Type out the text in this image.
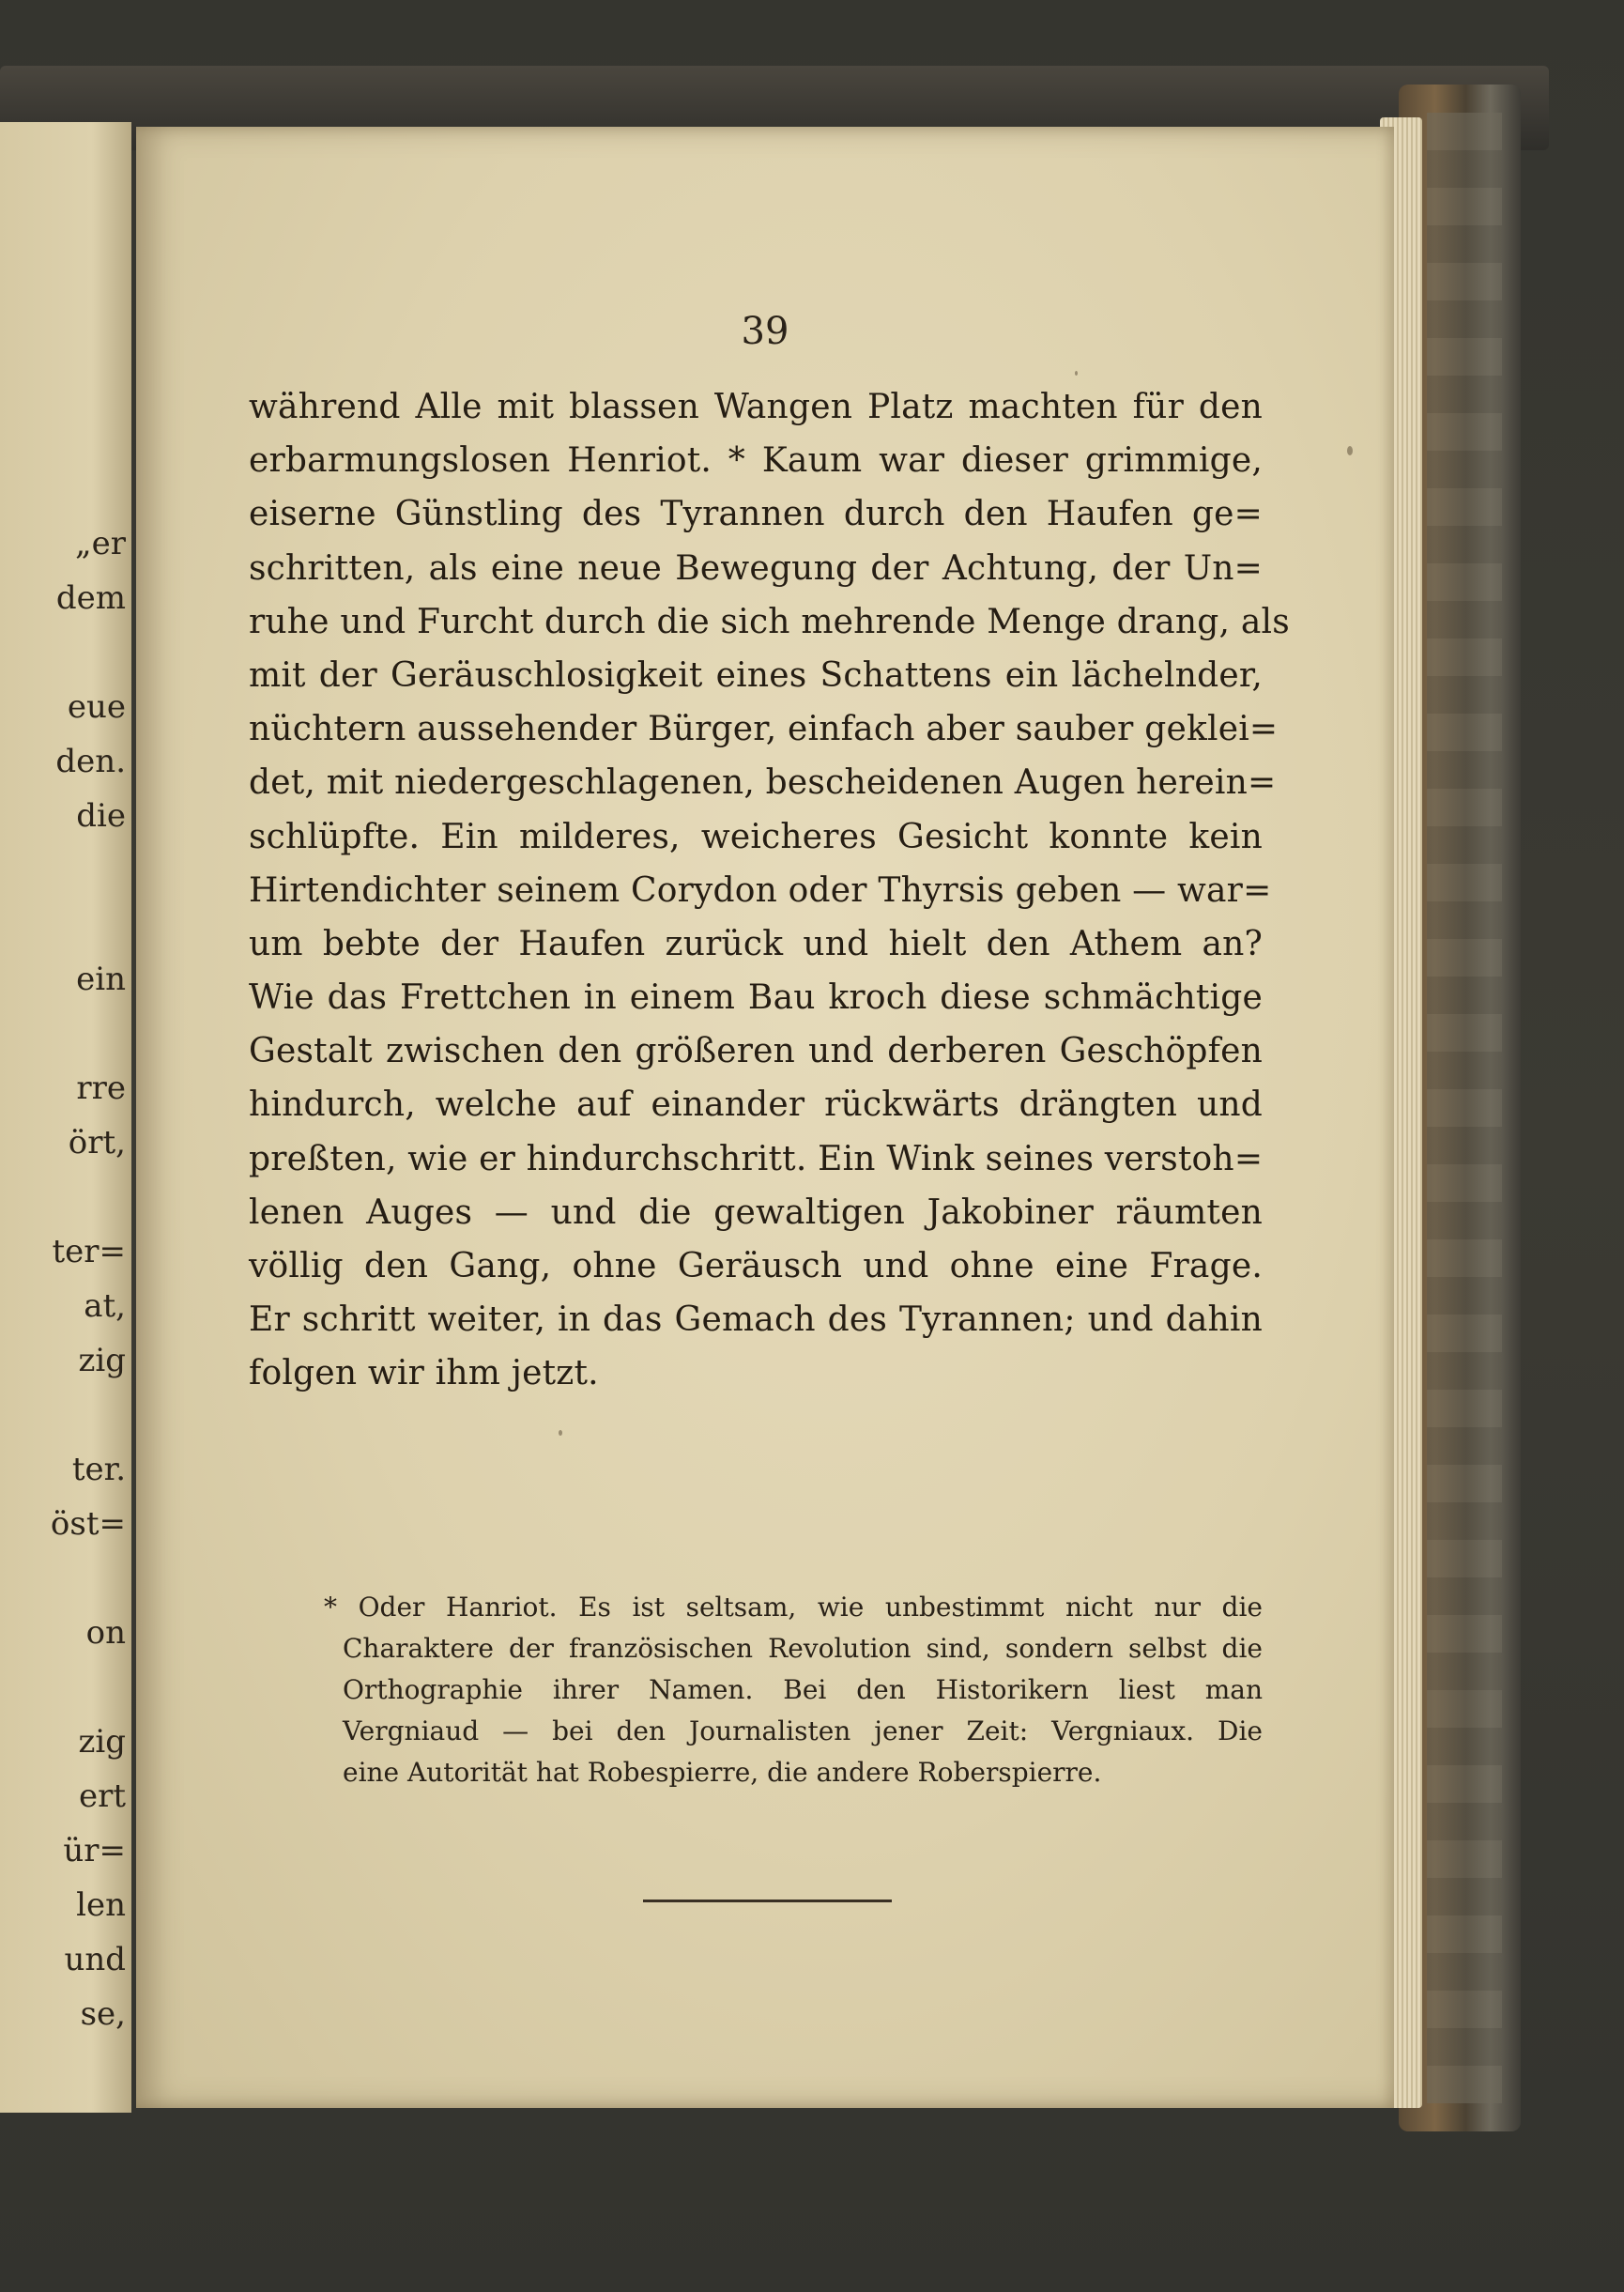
„er
dem
eue
den.
die
ein
rre
ört,
ter=
at,
zig
ter.
öst=
on
zig
ert
ür=
len
und
se,
39
während Alle mit blassen Wangen Platz machten für den
erbarmungslosen Henriot. * Kaum war dieser grimmige,
eiserne Günstling des Tyrannen durch den Haufen ge=
schritten, als eine neue Bewegung der Achtung, der Un=
ruhe und Furcht durch die sich mehrende Menge drang, als
mit der Geräuschlosigkeit eines Schattens ein lächelnder,
nüchtern aussehender Bürger, einfach aber sauber geklei=
det, mit niedergeschlagenen, bescheidenen Augen herein=
schlüpfte. Ein milderes, weicheres Gesicht konnte kein
Hirtendichter seinem Corydon oder Thyrsis geben — war=
um bebte der Haufen zurück und hielt den Athem an?
Wie das Frettchen in einem Bau kroch diese schmächtige
Gestalt zwischen den größeren und derberen Geschöpfen
hindurch, welche auf einander rückwärts drängten und
preßten, wie er hindurchschritt. Ein Wink seines verstoh=
lenen Auges — und die gewaltigen Jakobiner räumten
völlig den Gang, ohne Geräusch und ohne eine Frage.
Er schritt weiter, in das Gemach des Tyrannen; und dahin
folgen wir ihm jetzt.
* Oder Hanriot. Es ist seltsam, wie unbestimmt nicht nur die
Charaktere der französischen Revolution sind, sondern selbst die
Orthographie ihrer Namen. Bei den Historikern liest man
Vergniaud — bei den Journalisten jener Zeit: Vergniaux. Die
eine Autorität hat Robespierre, die andere Roberspierre.
